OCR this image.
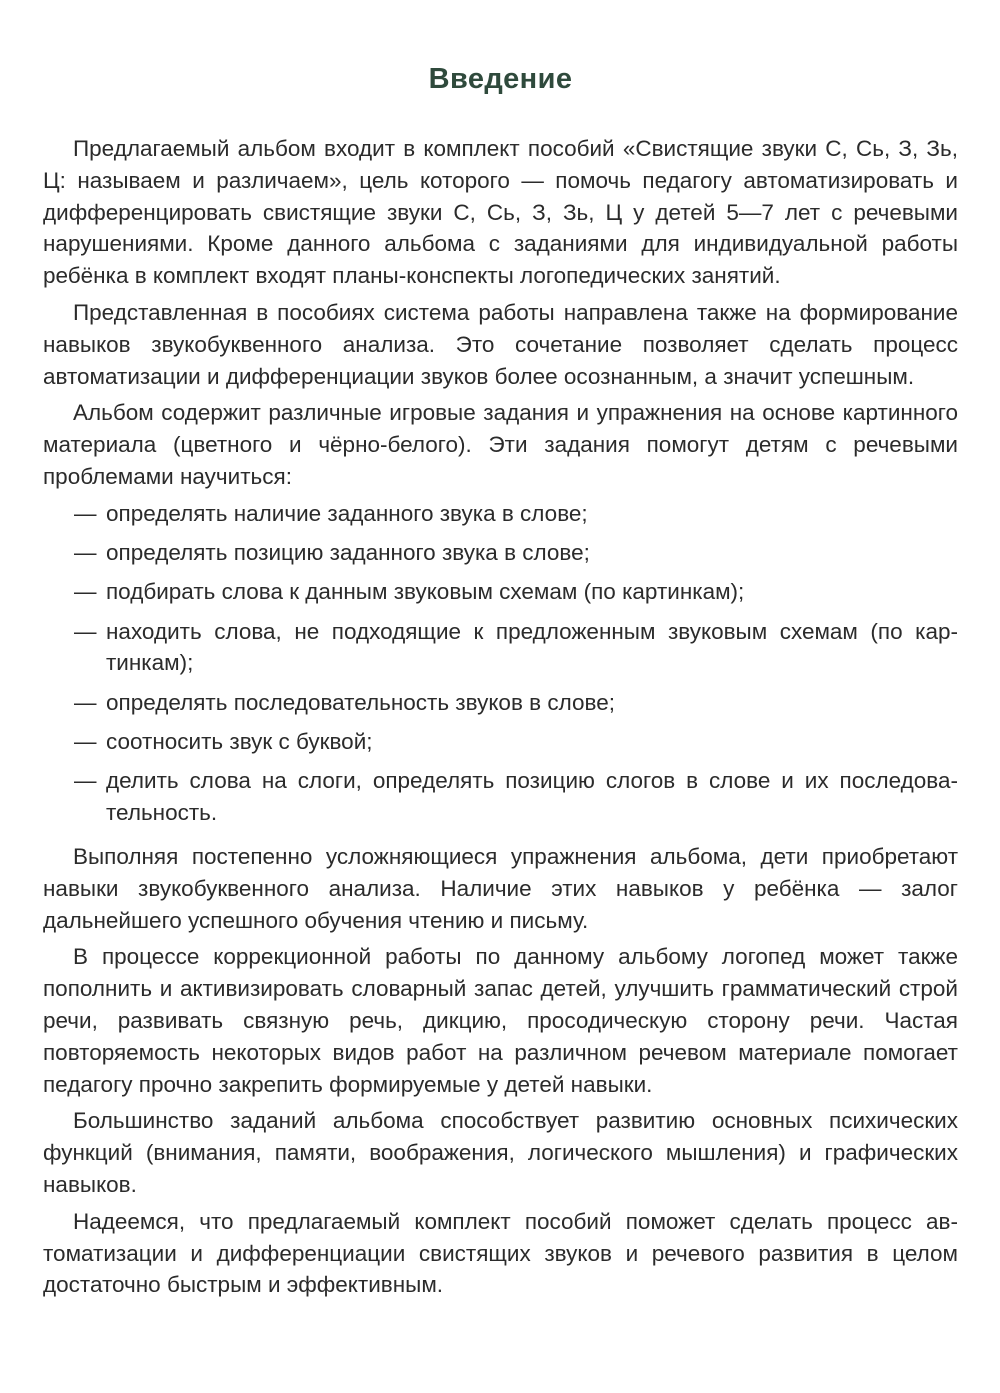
Введение

Предлагаемый альбом входит в комплект пособий «Свистящие звуки С, Сь, З, Зь, Ц: называем и различаем», цель которого — помочь педагогу автоматизировать и дифференцировать свистящие звуки С, Сь, З, Зь, Ц у детей 5—7 лет с речевыми нарушениями. Кроме данного альбома с заданиями для индивидуальной работы ребёнка в комплект входят планы-конспекты логопедических занятий.

Представленная в пособиях система работы направлена также на формирование навыков звукобуквенного анализа. Это сочетание позволяет сделать процесс автоматизации и дифференциации звуков более осознанным, а значит успешным.

Альбом содержит различные игровые задания и упражнения на основе картинного материала (цветного и чёрно-белого). Эти задания помогут детям с речевыми проблемами научиться:

— определять наличие заданного звука в слове;
— определять позицию заданного звука в слове;
— подбирать слова к данным звуковым схемам (по картинкам);
— находить слова, не подходящие к предложенным звуковым схемам (по картинкам);
— определять последовательность звуков в слове;
— соотносить звук с буквой;
— делить слова на слоги, определять позицию слогов в слове и их последовательность.

Выполняя постепенно усложняющиеся упражнения альбома, дети приобретают навыки звукобуквенного анализа. Наличие этих навыков у ребёнка — залог дальнейшего успешного обучения чтению и письму.

В процессе коррекционной работы по данному альбому логопед может также пополнить и активизировать словарный запас детей, улучшить грамматический строй речи, развивать связную речь, дикцию, просодическую сторону речи. Частая повторяемость некоторых видов работ на различном речевом материале помогает педагогу прочно закрепить формируемые у детей навыки.

Большинство заданий альбома способствует развитию основных психических функций (внимания, памяти, воображения, логического мышления) и графических навыков.

Надеемся, что предлагаемый комплект пособий поможет сделать процесс автоматизации и дифференциации свистящих звуков и речевого развития в целом достаточно быстрым и эффективным.
